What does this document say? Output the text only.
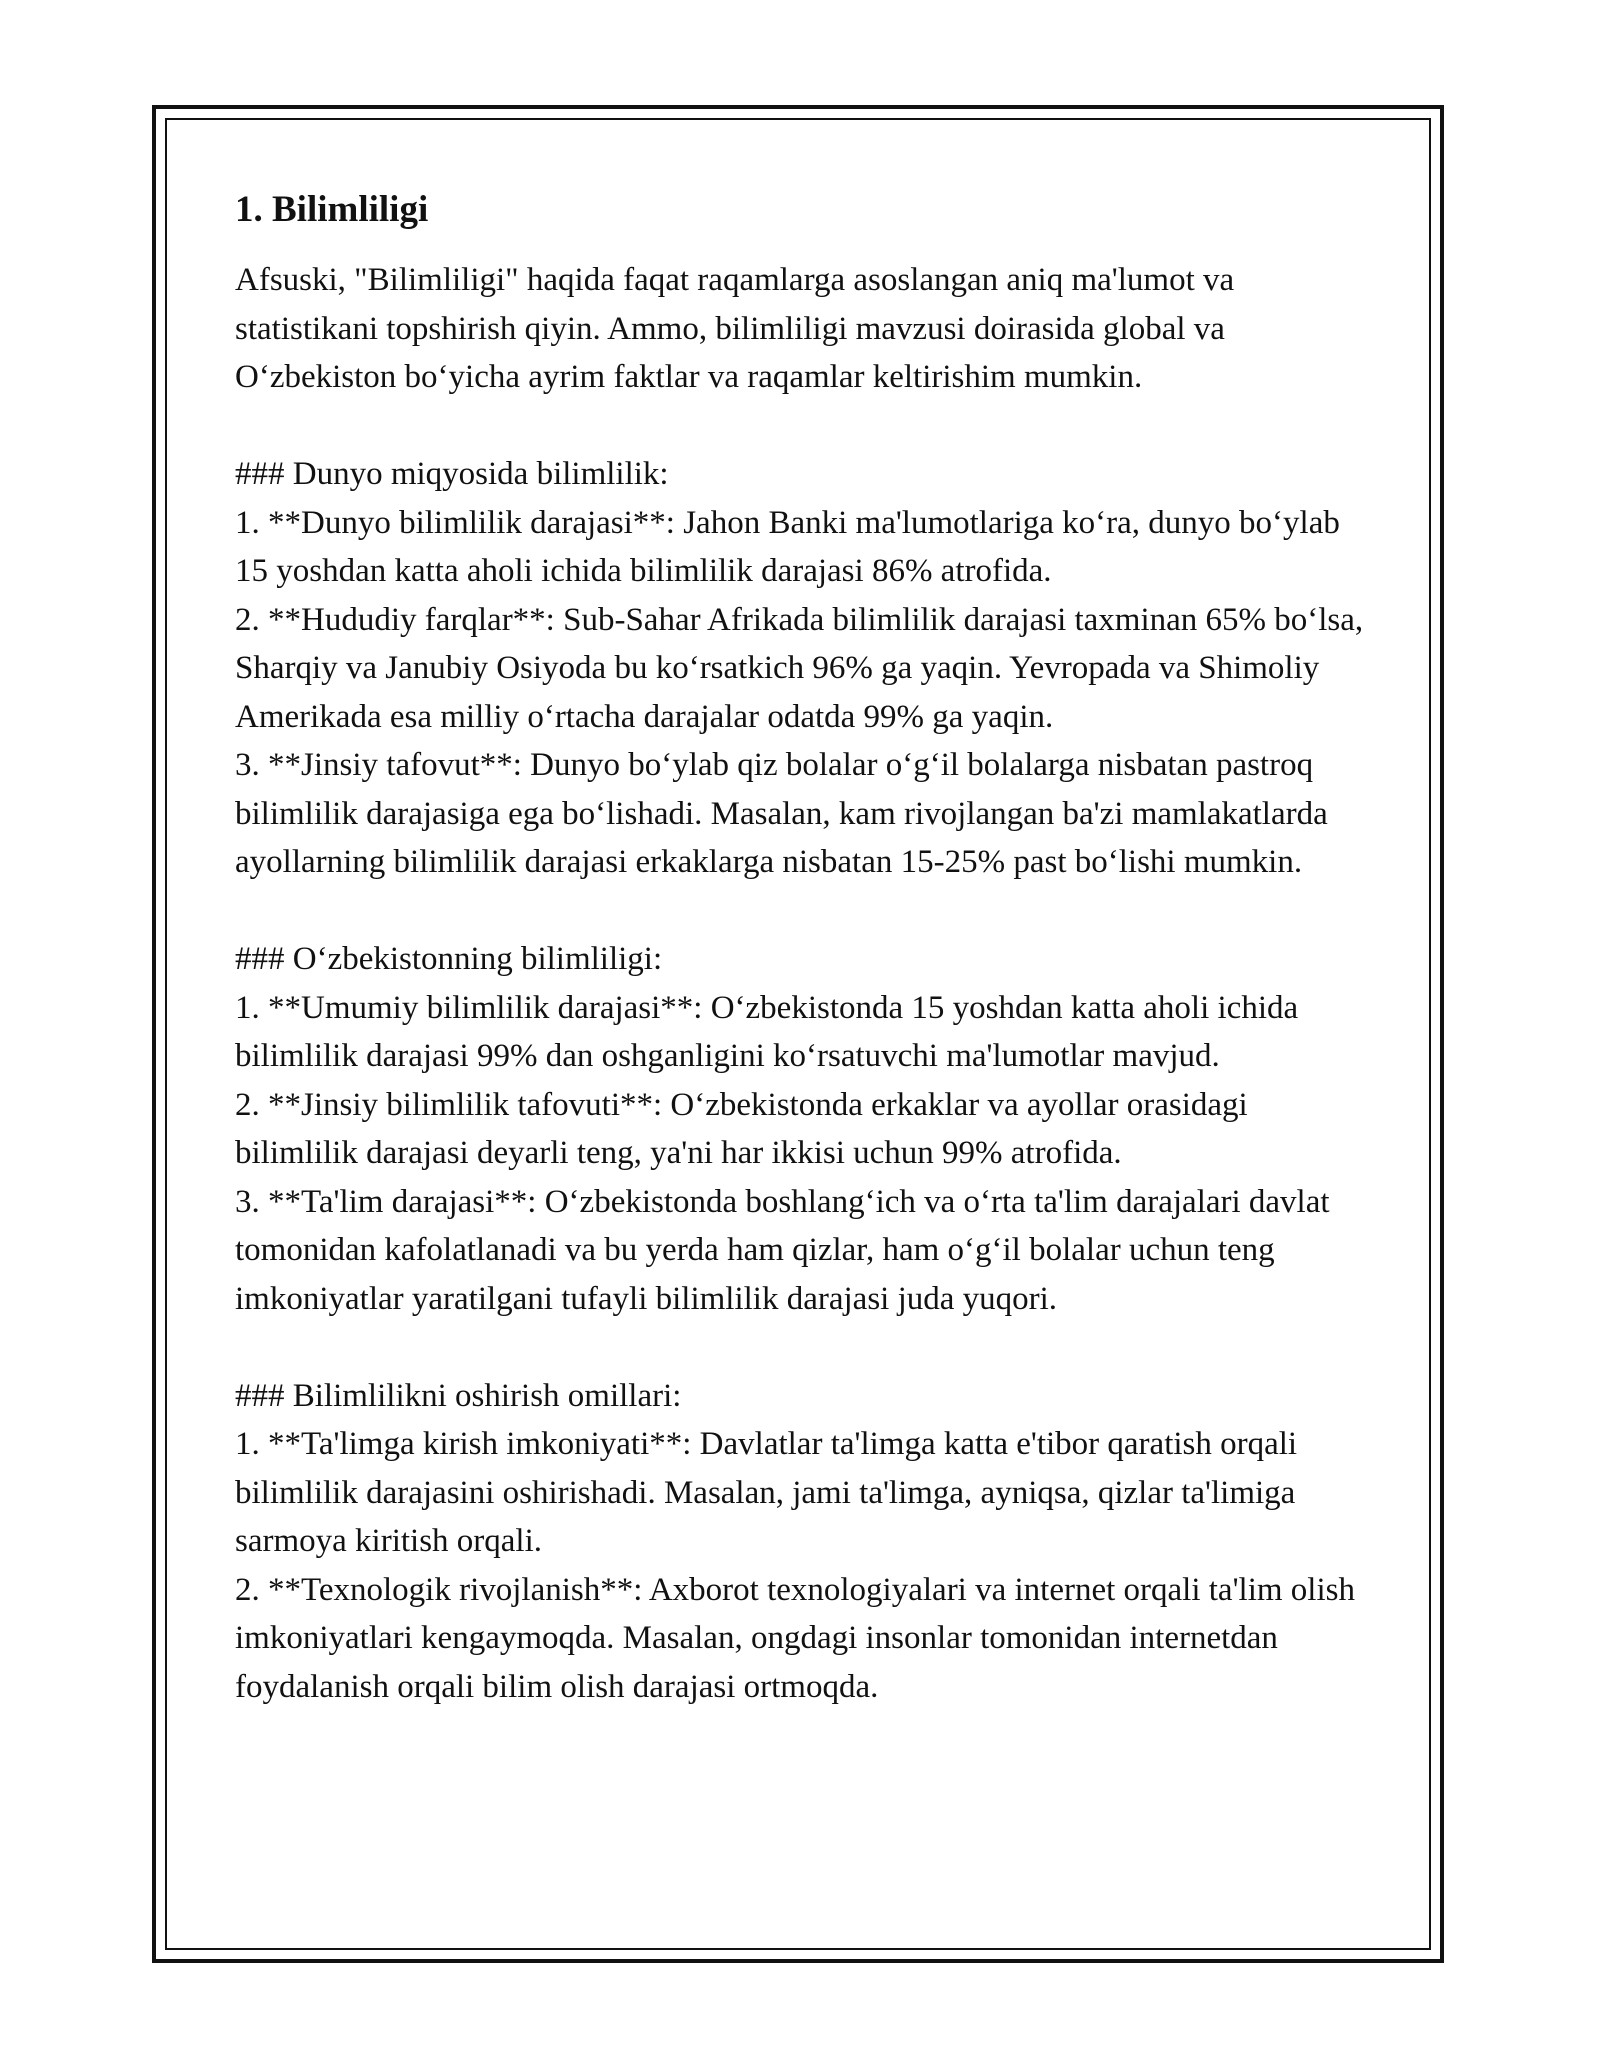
1. Bilimliligi

Afsuski, "Bilimliligi" haqida faqat raqamlarga asoslangan aniq ma'lumot va statistikani topshirish qiyin. Ammo, bilimliligi mavzusi doirasida global va O‘zbekiston bo‘yicha ayrim faktlar va raqamlar keltirishim mumkin.

### Dunyo miqyosida bilimlilik:

1. **Dunyo bilimlilik darajasi**: Jahon Banki ma'lumotlariga ko‘ra, dunyo bo‘ylab 15 yoshdan katta aholi ichida bilimlilik darajasi 86% atrofida.

2. **Hududiy farqlar**: Sub-Sahar Afrikada bilimlilik darajasi taxminan 65% bo‘lsa, Sharqiy va Janubiy Osiyoda bu ko‘rsatkich 96% ga yaqin. Yevropada va Shimoliy Amerikada esa milliy o‘rtacha darajalar odatda 99% ga yaqin.

3. **Jinsiy tafovut**: Dunyo bo‘ylab qiz bolalar o‘g‘il bolalarga nisbatan pastroq bilimlilik darajasiga ega bo‘lishadi. Masalan, kam rivojlangan ba'zi mamlakatlarda ayollarning bilimlilik darajasi erkaklarga nisbatan 15-25% past bo‘lishi mumkin.

### O‘zbekistonning bilimliligi:

1. **Umumiy bilimlilik darajasi**: O‘zbekistonda 15 yoshdan katta aholi ichida bilimlilik darajasi 99% dan oshganligini ko‘rsatuvchi ma'lumotlar mavjud.

2. **Jinsiy bilimlilik tafovuti**: O‘zbekistonda erkaklar va ayollar orasidagi bilimlilik darajasi deyarli teng, ya'ni har ikkisi uchun 99% atrofida.

3. **Ta'lim darajasi**: O‘zbekistonda boshlang‘ich va o‘rta ta'lim darajalari davlat tomonidan kafolatlanadi va bu yerda ham qizlar, ham o‘g‘il bolalar uchun teng imkoniyatlar yaratilgani tufayli bilimlilik darajasi juda yuqori.

### Bilimlilikni oshirish omillari:

1. **Ta'limga kirish imkoniyati**: Davlatlar ta'limga katta e'tibor qaratish orqali bilimlilik darajasini oshirishadi. Masalan, jami ta'limga, ayniqsa, qizlar ta'limiga sarmoya kiritish orqali.

2. **Texnologik rivojlanish**: Axborot texnologiyalari va internet orqali ta'lim olish imkoniyatlari kengaymoqda. Masalan, ongdagi insonlar tomonidan internetdan foydalanish orqali bilim olish darajasi ortmoqda.
